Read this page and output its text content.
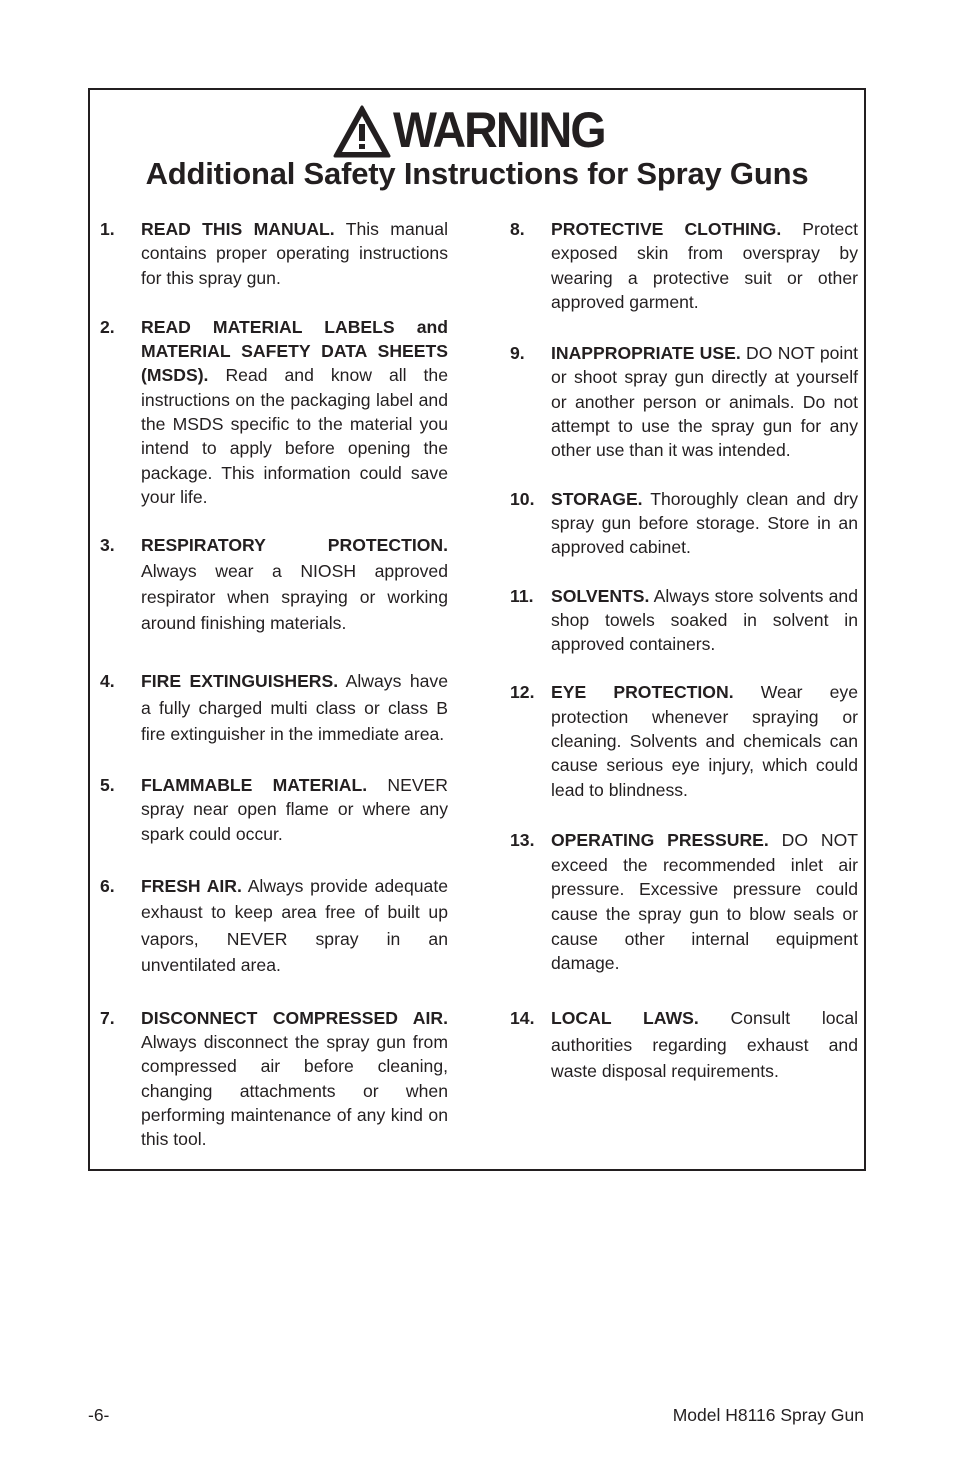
WARNING
Additional Safety Instructions for Spray Guns
1.	READ THIS MANUAL. This manual contains proper operating instructions for this spray gun.
2.	READ MATERIAL LABELS and MATERIAL SAFETY DATA SHEETS (MSDS). Read and know all the instructions on the packaging label and the MSDS specific to the material you intend to apply before opening the package. This information could save your life.
3.	RESPIRATORY PROTECTION. Always wear a NIOSH approved respirator when spraying or working around finishing materials.
4.	FIRE EXTINGUISHERS. Always have a fully charged multi class or class B fire extinguisher in the immediate area.
5.	FLAMMABLE MATERIAL. NEVER spray near open flame or where any spark could occur.
6.	FRESH AIR. Always provide adequate exhaust to keep area free of built up vapors, NEVER spray in an unventilated area.
7.	DISCONNECT COMPRESSED AIR. Always disconnect the spray gun from compressed air before cleaning, changing attachments or when performing maintenance of any kind on this tool.
8.	PROTECTIVE CLOTHING. Protect exposed skin from overspray by wearing a protective suit or other approved garment.
9.	INAPPROPRIATE USE. DO NOT point or shoot spray gun directly at yourself or another person or animals. Do not attempt to use the spray gun for any other use than it was intended.
10. STORAGE. Thoroughly clean and dry spray gun before storage. Store in an approved cabinet.
11. SOLVENTS. Always store solvents and shop towels soaked in solvent in approved containers.
12. EYE PROTECTION. Wear eye protection whenever spraying or cleaning. Solvents and chemicals can cause serious eye injury, which could lead to blindness.
13. OPERATING PRESSURE. DO NOT exceed the recommended inlet air pressure. Excessive pressure could cause the spray gun to blow seals or cause other internal equipment damage.
14. LOCAL LAWS. Consult local authorities regarding exhaust and waste disposal requirements.
-6-	Model H8116 Spray Gun
